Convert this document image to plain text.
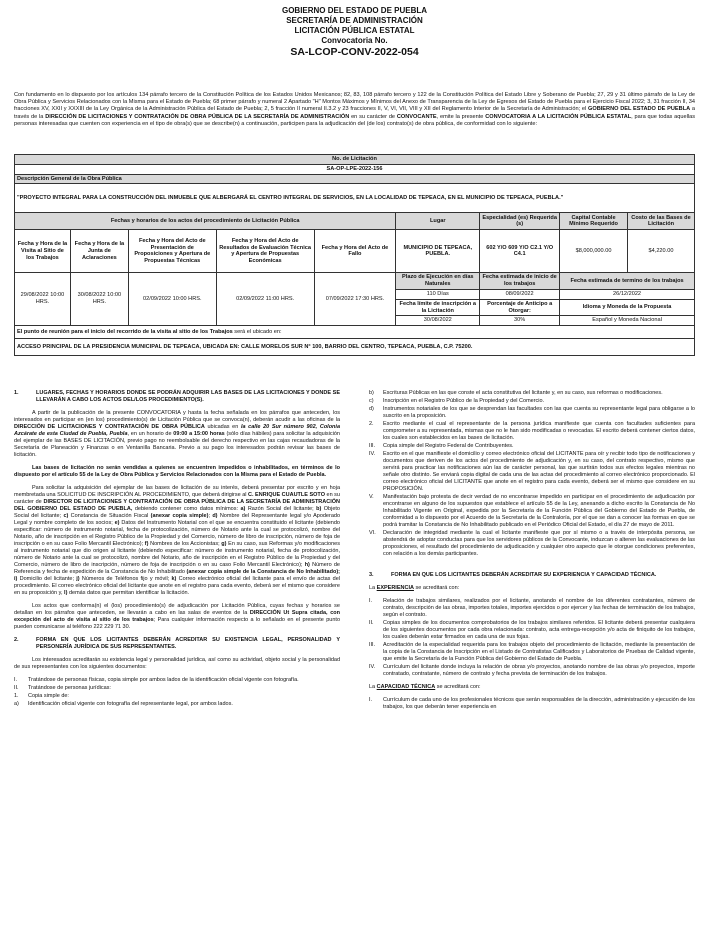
GOBIERNO DEL ESTADO DE PUEBLA
SECRETARÍA DE ADMINISTRACIÓN
LICITACIÓN PÚBLICA ESTATAL
Convocatoria No.
SA-LCOP-CONV-2022-054
Con fundamento en lo dispuesto por los artículos 134 párrafo tercero de la Constitución Política de los Estados Unidos Mexicanos; 82, 83, 108 párrafo tercero y 122 de la Constitución Política del Estado Libre y Soberano de Puebla; 27, 29 y 31 último párrafo de la Ley de Obra Pública y Servicios Relacionados con la Misma para el Estado de Puebla; 68 primer párrafo y numeral 2 Apartado "H" Montos Máximos y Mínimos del Anexo de Transparencia de la Ley de Egresos del Estado de Puebla para el Ejercicio Fiscal 2022; 3, 31 fracción II, 34 fracciones XV, XXII y XXXIII de la Ley Orgánica de la Administración Pública del Estado de Puebla; 2, 5 fracción II numeral II.3.2 y 23 fracciones II, V, VI, VII, VIII y XII del Reglamento Interior de la Secretaría de Administración; el GOBIERNO DEL ESTADO DE PUEBLA a través de la DIRECCIÓN DE LICITACIONES Y CONTRATACIÓN DE OBRA PÚBLICA DE LA SECRETARÍA DE ADMINISTRACIÓN en su carácter de CONVOCANTE, emite la presente CONVOCATORIA A LA LICITACIÓN PÚBLICA ESTATAL, para que todas aquellas personas interesadas que cuenten con experiencia en el tipo de obra(s) que se describe(n) a continuación, participen para la adjudicación del (de los) contrato(s) de obra pública, de conformidad con lo siguiente:
No. de Licitación								
SA-OP-LPE-2022-156								
Descripción General de la Obra Pública								
"PROYECTO INTEGRAL PARA LA CONSTRUCCIÓN DEL INMUEBLE QUE ALBERGARÁ EL CENTRO INTEGRAL DE SERVICIOS, EN LA LOCALIDAD DE TEPEACA, EN EL MUNICIPIO DE TEPEACA, PUEBLA."								
Fechas y horarios de los actos del procedimiento de Licitación Pública					Lugar	Especialidad (es) Requerida (s)	Capital Contable Mínimo Requerido	Costo de las Bases de Licitación
Fecha y Hora de la Visita al Sitio de los Trabajos	Fecha y Hora de la Junta de Aclaraciones	Fecha y Hora del Acto de Presentación de Proposiciones y Apertura de Propuestas Técnicas	Fecha y Hora del Acto de Resultados de Evaluación Técnica y Apertura de Propuestas Económicas	Fecha y Hora del Acto de Fallo				
					MUNICIPIO DE TEPEACA, PUEBLA.	602 Y/O 609 Y/O C2.1 Y/O C4.1	$8,000,000.00	$4,220.00
29/08/2022 10:00 HRS.	30/08/2022 10:00 HRS.	02/09/2022 10:00 HRS.	02/09/2022 11:00 HRS.	07/09/2022 17:30 HRS.	Plazo de Ejecución en días Naturales	Fecha estimada de inicio de los trabajos	Fecha estimada de termino de los trabajos	
					110 Días	08/09/2022	26/12/2022	
					Fecha límite de inscripción a la Licitación	Porcentaje de Anticipo a Otorgar:	Idioma y Moneda de la Propuesta	
					30/08/2022	30%	Español y Moneda Nacional	
El punto de reunión para el inicio del recorrido de la visita al sitio de los Trabajos será el ubicado en:								
ACCESO PRINCIPAL DE LA PRESIDENCIA MUNICIPAL DE TEPEACA, UBICADA EN: CALLE MORELOS SUR N° 100, BARRIO DEL CENTRO, TEPEACA, PUEBLA, C.P. 75200.								
1.	LUGARES, FECHAS Y HORARIOS DONDE SE PODRÁN ADQUIRIR LAS BASES DE LAS LICITACIONES Y DONDE SE LLEVARÁN A CABO LOS ACTOS DEL/LOS PROCEDIMIENTO(S).

A partir de la publicación de la presente CONVOCATORIA y hasta la fecha señalada en los párrafos que anteceden, los interesados en participar en (en los) procedimiento(s) de Licitación Pública que se convoca(n), deberán acudir a las oficinas de la DIRECCIÓN DE LICITACIONES Y CONTRATACIÓN DE OBRA PÚBLICA ubicadas en la calle 20 Sur número 902, Colonia Azcárate de esta Ciudad de Puebla, Puebla, en un horario de 09:00 a 15:00 horas (sólo días hábiles) para solicitar la adquisición del ejemplar de las BASES DE LICITACIÓN, previo pago no reembolsable del derecho respectivo en las cajas recaudadoras de la Secretaría de Planeación y Finanzas o en Ventanilla Bancaria. Previo a su pago los interesados podrán revisar las bases de licitación.

Las bases de licitación no serán vendidas a quienes se encuentren impedidos o inhabilitados, en términos de lo dispuesto por el artículo 55 de la Ley de Obra Pública y Servicios Relacionados con la Misma para el Estado de Puebla.

Para solicitar la adquisición del ejemplar de las bases de licitación de su interés, deberá presentar por escrito y en hoja membretada una SOLICITUD DE INSCRIPCIÓN AL PROCEDIMIENTO, que deberá dirigirse al C. ENRIQUE CUAUTLE SOTO en su carácter de DIRECTOR DE LICITACIONES Y CONTRATACIÓN DE OBRA PÚBLICA DE LA SECRETARÍA DE ADMINISTRACIÓN DEL GOBIERNO DEL ESTADO DE PUEBLA, debiendo contener como datos mínimos: a) Razón Social del licitante; b) Objeto Social del licitante; c) Constancia de Situación Fiscal (anexar copia simple); d) Nombre del Representante legal y/o Apoderado Legal y nombre completo de los socios; e) Datos del Instrumento Notarial con el que se encuentra constituido el licitante (debiendo especificar: número de instrumento notarial, fecha de protocolización, número de Notario ante la cual se protocolizó, nombre del Notario, año de inscripción en el Registro Público de la Propiedad y del Comercio, número de libro de inscripción, número de foja de inscripción o en su caso Folio Mercantil Electrónico); f) Nombres de los Accionistas; g) En su caso, sus Reformas y/o modificaciones al instrumento notarial que dio origen al licitante (debiendo especificar: número de instrumento notarial, fecha de protocolización, número de Notario ante la cual se protocolizó, nombre del Notario, año de inscripción en el Registro Público de la Propiedad y del Comercio, número de libro de inscripción, número de foja de inscripción o en su caso Folio Mercantil Electrónico); h) Número de Referencia y fecha de expedición de la Constancia de No Inhabilitado (anexar copia simple de la Constancia de No Inhabilitado); i) Domicilio del licitante; j) Números de Teléfonos fijo y móvil; k) Correo electrónico oficial del licitante para el envío de actas del procedimiento. El correo electrónico oficial del licitante que anote en el registro para cada evento, deberá ser el mismo que considere en su proposición y, l) demás datos que permitan identificar la licitación.

Los actos que conforma(n) el (los) procedimiento(s) de adjudicación por Licitación Pública, cuyas fechas y horarios se detallan en los párrafos que anteceden, se llevarán a cabo en las salas de eventos de la DIRECCIÓN Ut Supra citada, con excepción del acto de visita al sitio de los trabajos; Para cualquier información respecto a lo señalado en el presente punto pueden comunicarse al teléfono 222 229 71 30.

2.	FORMA EN QUE LOS LICITANTES DEBERÁN ACREDITAR SU EXISTENCIA LEGAL, PERSONALIDAD Y PERSONERÍA JURÍDICA DE SUS REPRESENTANTES.

Los interesados acreditarán su existencia legal y personalidad jurídica, así como su actividad, objeto social y la personalidad de sus representantes con los siguientes documentos:

I.	Tratándose de personas físicas, copia simple por ambos lados de la identificación oficial vigente con fotografía.
II.	Tratándose de personas jurídicas:
1.	Copia simple de:
a)	Identificación oficial vigente con fotografía del representante legal, por ambos lados.
b)	Escrituras Públicas en las que conste el acta constitutiva del licitante y, en su caso, sus reformas o modificaciones.
c)	Inscripción en el Registro Público de la Propiedad y del Comercio.
d)	Instrumentos notariales de los que se desprendan las facultades con las que cuenta su representante legal para obligarse a lo suscrito en la proposición.
2.	Escrito mediante el cual el representante de la persona jurídica manifieste que cuenta con facultades suficientes para comprometer a su representada, mismas que no le han sido modificadas o revocadas. El escrito deberá contener ciertos datos, los cuales son establecidos en las bases de licitación.
III.	Copia simple del Registro Federal de Contribuyentes.
IV.	Escrito en el que manifieste el domicilio y correo electrónico oficial del LICITANTE para oír y recibir todo tipo de notificaciones y documentos que deriven de los actos del procedimiento de adjudicación y, en su caso, del contrato respectivo, mismo que servirá para practicar las notificaciones aún las de carácter personal, las que surtirán todos sus efectos legales mientras no señale otro distinto. Se enviará copia digital de cada una de las actas del procedimiento al correo electrónico proporcionado. El correo electrónico oficial del LICITANTE que anote en el registro para cada evento, deberá ser el mismo que considere en su PROPOSICIÓN.
V.	Manifestación bajo protesta de decir verdad de no encontrarse impedido en participar en el procedimiento de adjudicación por encontrarse en alguno de los supuestos que establece el artículo 55 de la Ley, anexando a dicho escrito la Constancia de No Inhabilitado Vigente en Original, expedida por la Secretaría de la Función Pública del Gobierno del Estado de Puebla, de conformidad a lo dispuesto por el Acuerdo de la Secretaría de la Contraloría, por el que se dan a conocer las formas en que se podrá tramitar la Constancia de No Inhabilitado publicado en el Periódico Oficial del Estado, el día 27 de mayo de 2011.
VI.	Declaración de integridad mediante la cual el licitante manifieste que por sí mismo o a través de interpósita persona, se abstendrá de adoptar conductas para que los servidores públicos de la Convocante, induzcan o alteren las evaluaciones de las proposiciones, el resultado del procedimiento de adjudicación y cualquier otro aspecto que le otorgue condiciones preferentes, con relación a los demás participantes.
3.	FORMA EN QUE LOS LICITANTES DEBERÁN ACREDITAR SU EXPERIENCIA Y CAPACIDAD TÉCNICA.

La EXPERIENCIA se acreditará con:

I.	Relación de trabajos similares, realizados por el licitante, anotando el nombre de los diferentes contratantes, número de contrato, descripción de las obras, importes totales, importes ejercidos o por ejercer y las fechas de terminación de los trabajos, según el contrato.
II.	Copias simples de los documentos comprobatorios de los trabajos similares referidos. El licitante deberá presentar cualquiera de los siguientes documentos por cada obra relacionada: contrato, acta entrega-recepción y/o acta de finiquito de los trabajos, los cuales deberán estar firmados en cada una de sus fojas.
III.	Acreditación de la especialidad requerida para los trabajos objeto del procedimiento de licitación, mediante la presentación de la copia de la Constancia de Inscripción en el Listado de Contratistas Calificados y Laboratorios de Pruebas de Calidad vigente, que emite la Secretaría de la Función Pública del Gobierno del Estado de Puebla.
IV.	Currículum del licitante donde incluya la relación de obras y/o proyectos, anotando nombre de las obras y/o proyectos, importe contratado, contratante, número de contrato y fecha prevista de terminación de los trabajos.

La CAPACIDAD TÉCNICA se acreditará con:

I.	Currículum de cada uno de los profesionales técnicos que serán responsables de la dirección, administración y ejecución de los trabajos, los que deberán tener experiencia en
